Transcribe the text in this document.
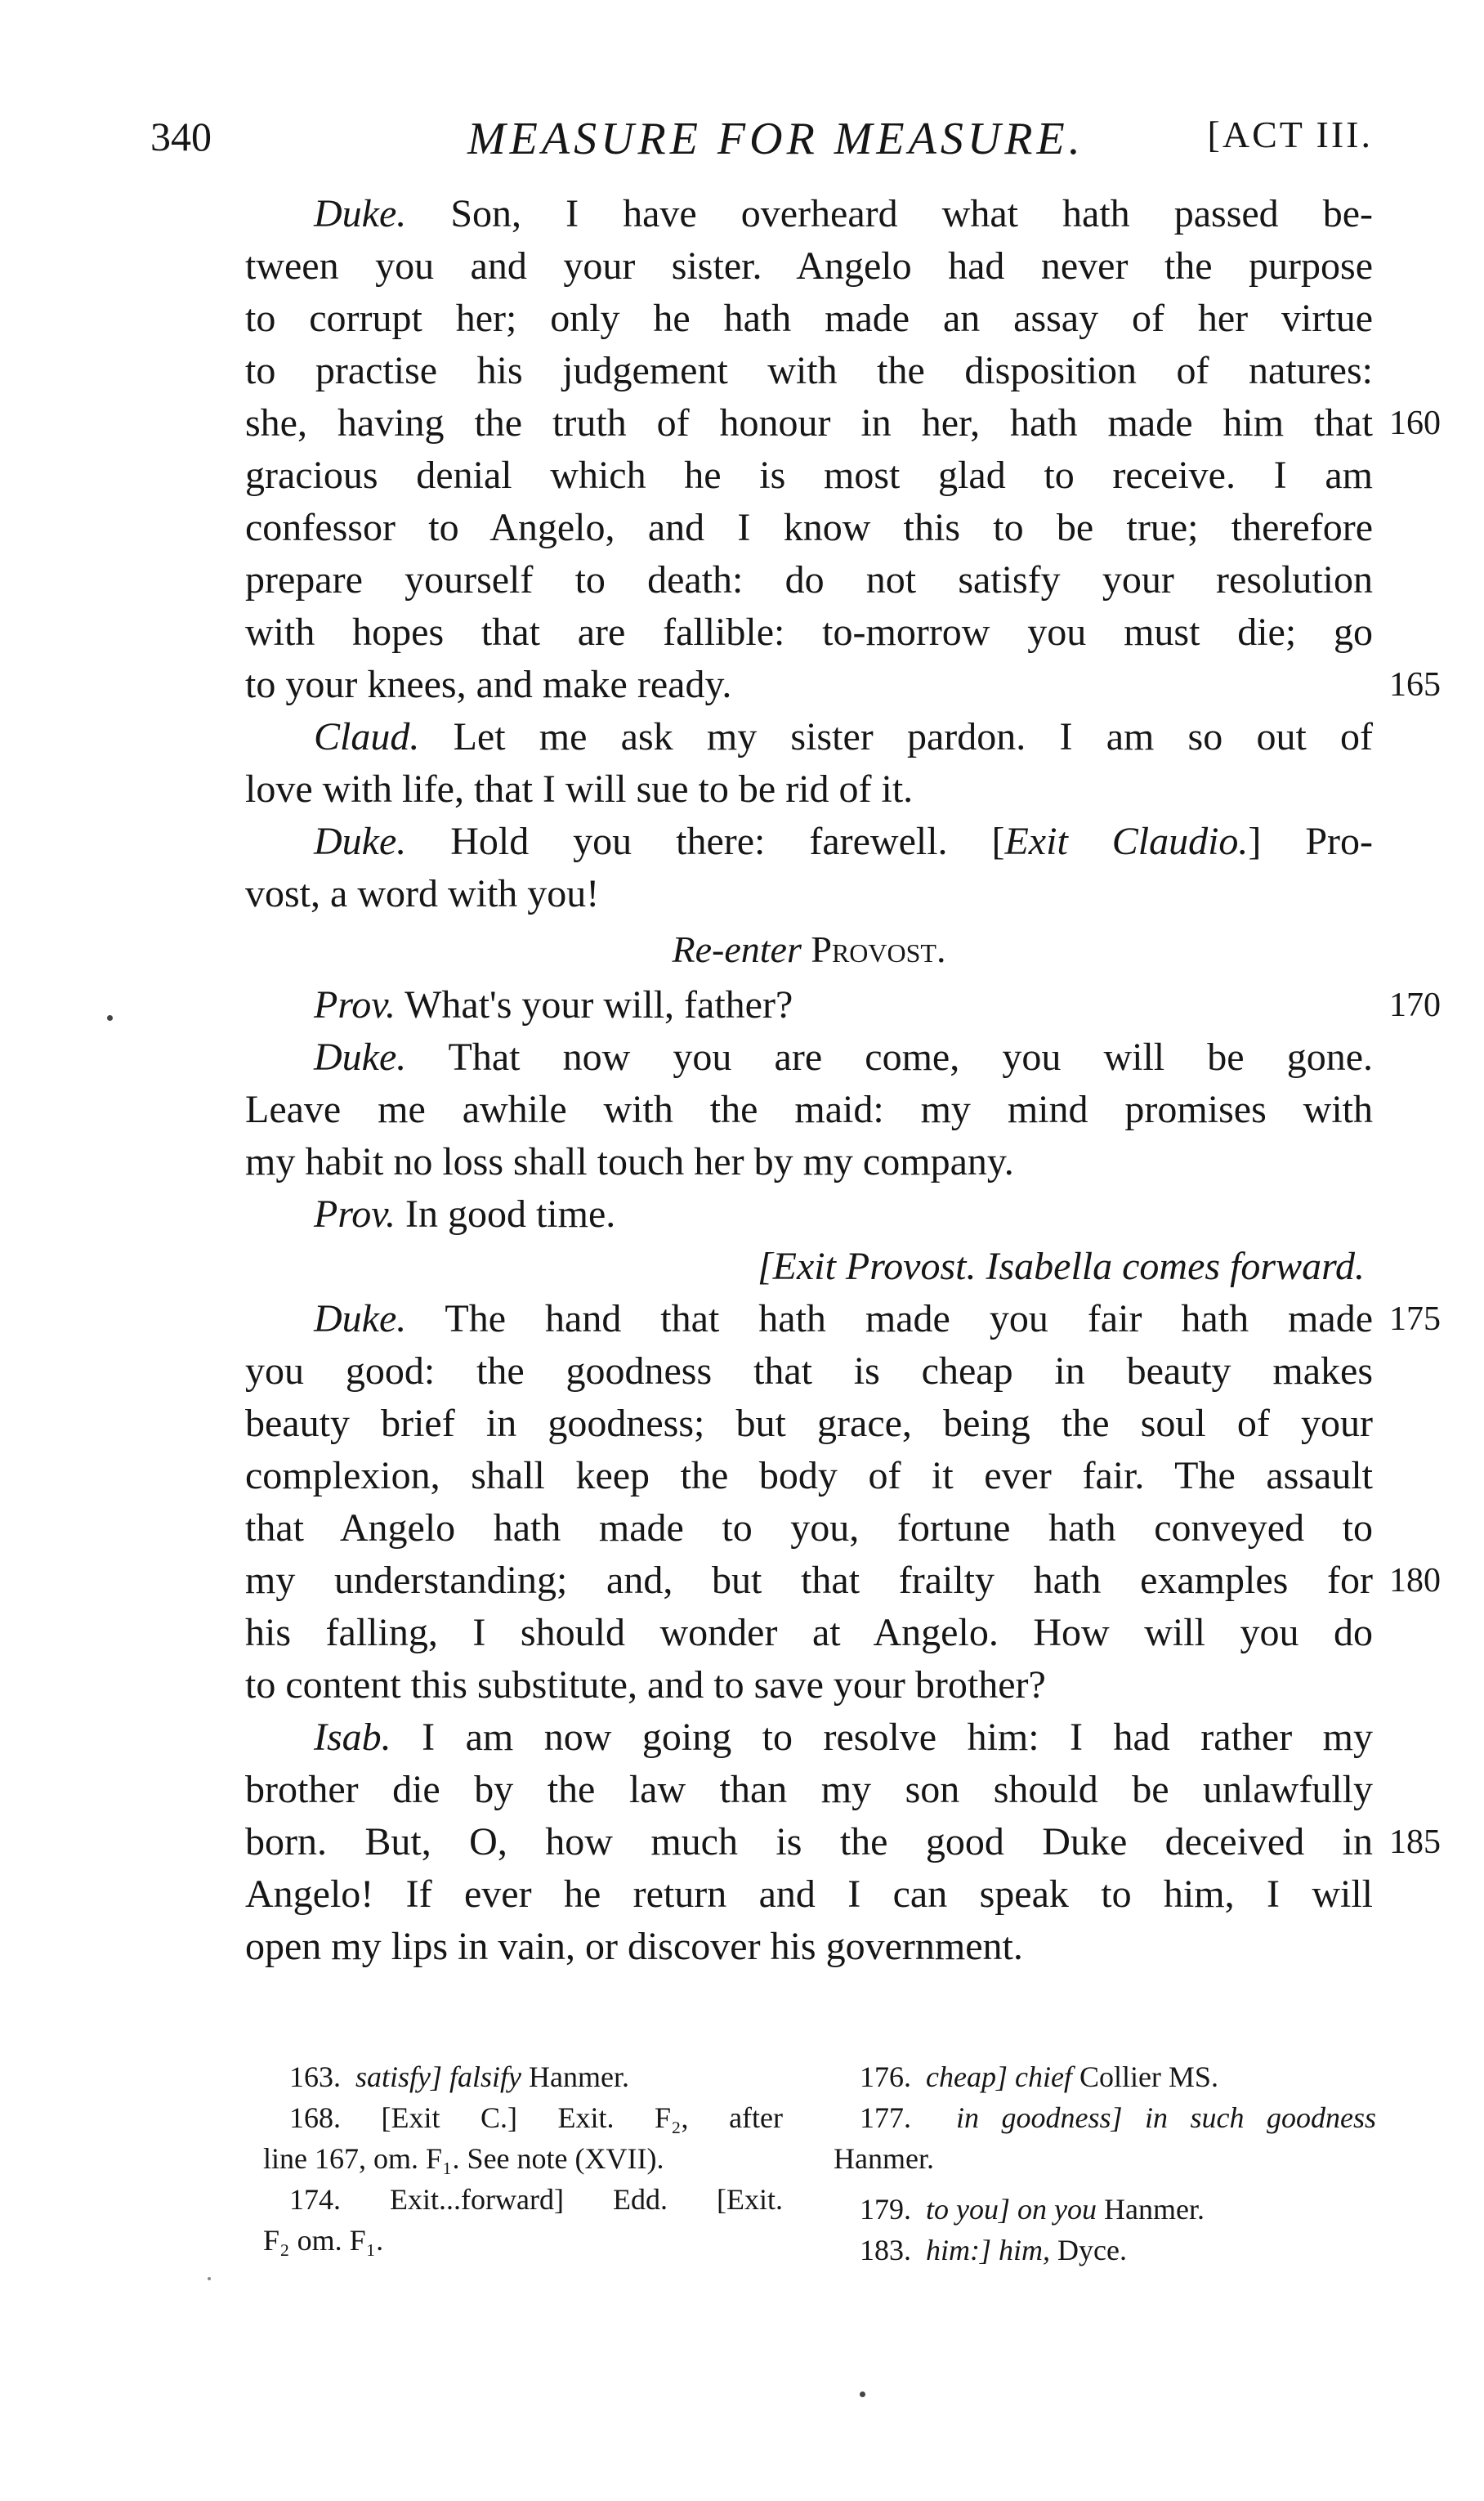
340	MEASURE FOR MEASURE.	[ACT III.
Duke. Son, I have overheard what hath passed be-
tween you and your sister. Angelo had never the purpose
to corrupt her; only he hath made an assay of her virtue
to practise his judgement with the disposition of natures:
she, having the truth of honour in her, hath made him that 160
gracious denial which he is most glad to receive. I am
confessor to Angelo, and I know this to be true; therefore
prepare yourself to death: do not satisfy your resolution
with hopes that are fallible: to-morrow you must die; go
to your knees, and make ready.	165
Claud. Let me ask my sister pardon. I am so out of
love with life, that I will sue to be rid of it.
Duke. Hold you there: farewell. [Exit Claudio.] Pro-
vost, a word with you!
Re-enter Provost.
Prov. What's your will, father?	170
Duke. That now you are come, you will be gone.
Leave me awhile with the maid: my mind promises with
my habit no loss shall touch her by my company.
Prov. In good time.
[Exit Provost. Isabella comes forward.
Duke. The hand that hath made you fair hath made 175
you good: the goodness that is cheap in beauty makes
beauty brief in goodness; but grace, being the soul of your
complexion, shall keep the body of it ever fair. The assault
that Angelo hath made to you, fortune hath conveyed to
my understanding; and, but that frailty hath examples for 180
his falling, I should wonder at Angelo. How will you do
to content this substitute, and to save your brother?
Isab. I am now going to resolve him: I had rather my
brother die by the law than my son should be unlawfully
born. But, O, how much is the good Duke deceived in 185
Angelo! If ever he return and I can speak to him, I will
open my lips in vain, or discover his government.
163. satisfy] falsify Hanmer.
168. [Exit C.] Exit. F₂, after
line 167, om. F₁. See note (XVII).
174. Exit...forward] Edd. [Exit.
F₂ om. F₁.
176. cheap] chief Collier MS.
177. in goodness] in such goodness
Hanmer.
179. to you] on you Hanmer.
183. him:] him, Dyce.
